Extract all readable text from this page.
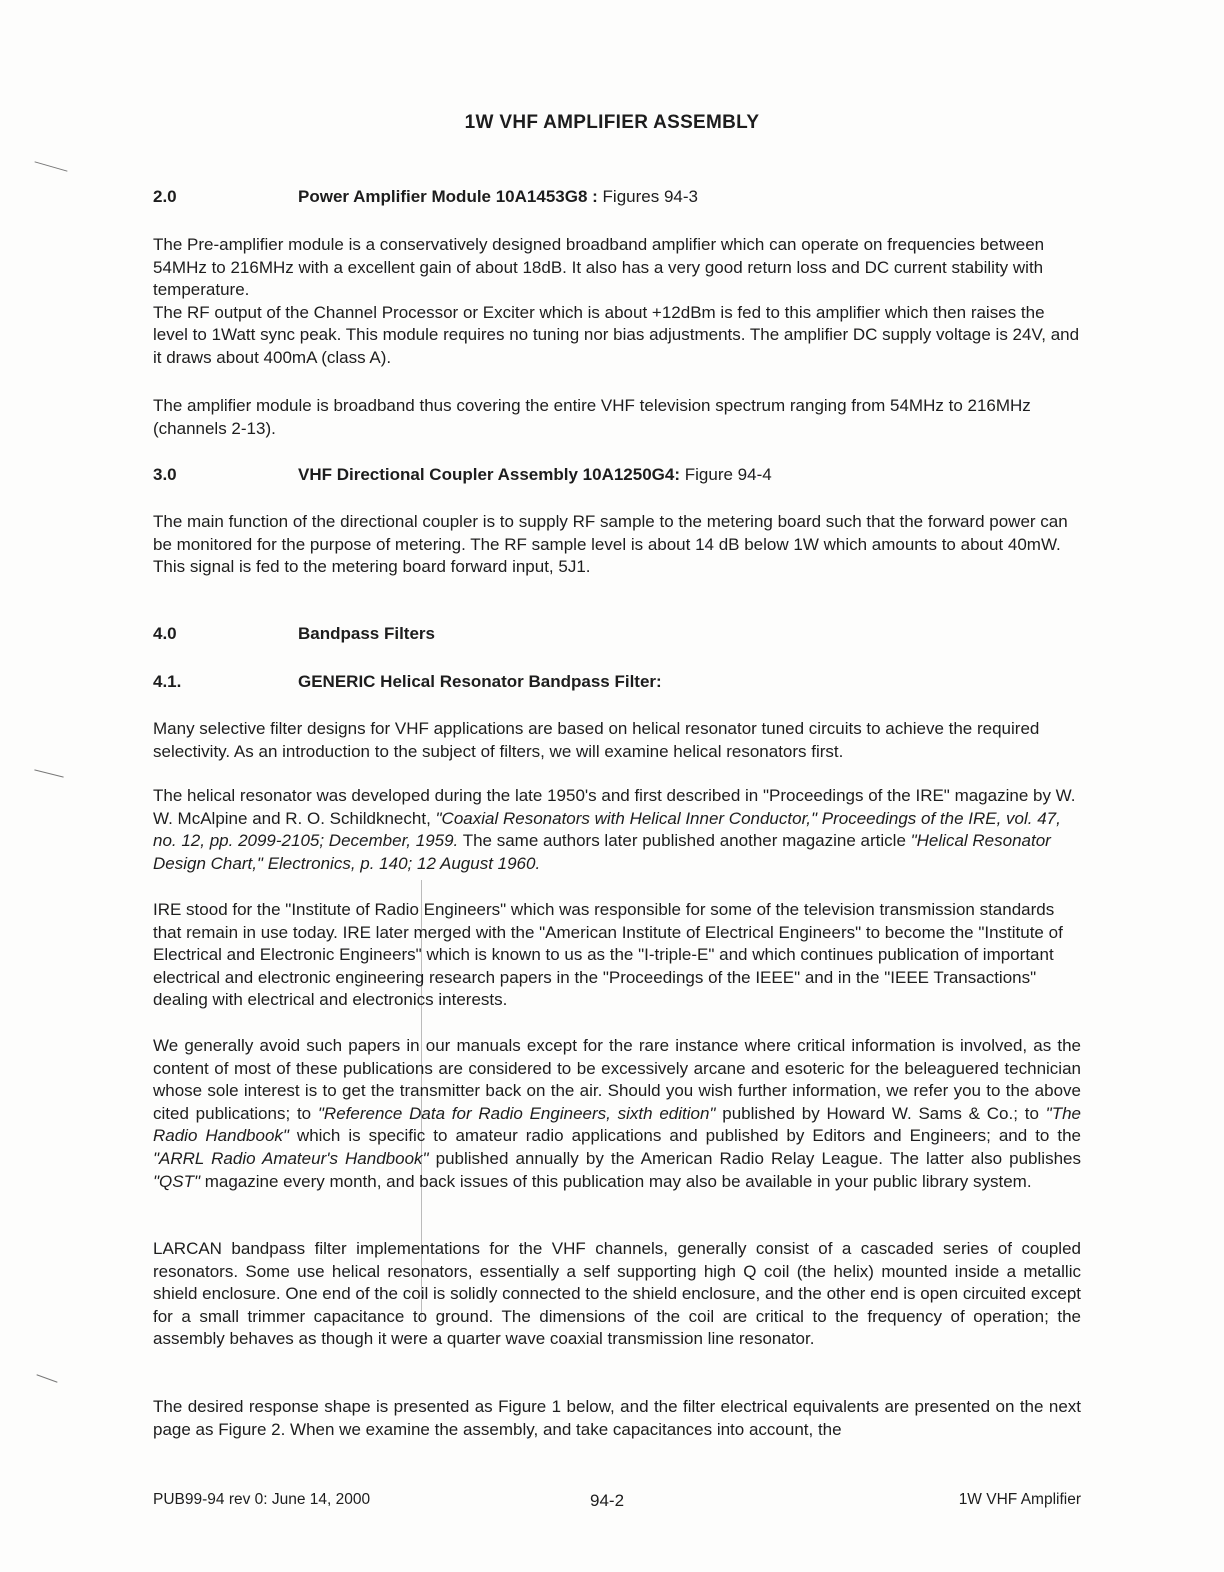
1W VHF AMPLIFIER ASSEMBLY
2.0	Power Amplifier Module 10A1453G8 : Figures 94-3

The Pre-amplifier module is a conservatively designed broadband amplifier which can operate on frequencies between 54MHz to 216MHz with a excellent gain of about 18dB. It also has a very good return loss and DC current stability with temperature.

The RF output of the Channel Processor or Exciter which is about +12dBm is fed to this amplifier which then raises the level to 1Watt sync peak. This module requires no tuning nor bias adjustments. The amplifier DC supply voltage is 24V, and it draws about 400mA (class A).

The amplifier module is broadband thus covering the entire VHF television spectrum ranging from 54MHz to 216MHz (channels 2-13).

3.0	VHF Directional Coupler Assembly 10A1250G4: Figure 94-4

The main function of the directional coupler is to supply RF sample to the metering board such that the forward power can be monitored for the purpose of metering. The RF sample level is about 14 dB below 1W which amounts to about 40mW. This signal is fed to the metering board forward input, 5J1.

4.0	Bandpass Filters
4.1.	GENERIC Helical Resonator Bandpass Filter:

Many selective filter designs for VHF applications are based on helical resonator tuned circuits to achieve the required selectivity. As an introduction to the subject of filters, we will examine helical resonators first.

The helical resonator was developed during the late 1950's and first described in "Proceedings of the IRE" magazine by W. W. McAlpine and R. O. Schildknecht, "Coaxial Resonators with Helical Inner Conductor," Proceedings of the IRE, vol. 47, no. 12, pp. 2099-2105; December, 1959. The same authors later published another magazine article "Helical Resonator Design Chart," Electronics, p. 140; 12 August 1960.

IRE stood for the "Institute of Radio Engineers" which was responsible for some of the television transmission standards that remain in use today. IRE later merged with the "American Institute of Electrical Engineers" to become the "Institute of Electrical and Electronic Engineers" which is known to us as the "I-triple-E" and which continues publication of important electrical and electronic engineering research papers in the "Proceedings of the IEEE" and in the "IEEE Transactions" dealing with electrical and electronics interests.

We generally avoid such papers in our manuals except for the rare instance where critical information is involved, as the content of most of these publications are considered to be excessively arcane and esoteric for the beleaguered technician whose sole interest is to get the transmitter back on the air. Should you wish further information, we refer you to the above cited publications; to "Reference Data for Radio Engineers, sixth edition" published by Howard W. Sams & Co.; to "The Radio Handbook" which is specific to amateur radio applications and published by Editors and Engineers; and to the "ARRL Radio Amateur's Handbook" published annually by the American Radio Relay League. The latter also publishes "QST" magazine every month, and back issues of this publication may also be available in your public library system.

LARCAN bandpass filter implementations for the VHF channels, generally consist of a cascaded series of coupled resonators. Some use helical resonators, essentially a self supporting high Q coil (the helix) mounted inside a metallic shield enclosure. One end of the coil is solidly connected to the shield enclosure, and the other end is open circuited except for a small trimmer capacitance to ground. The dimensions of the coil are critical to the frequency of operation; the assembly behaves as though it were a quarter wave coaxial transmission line resonator.

The desired response shape is presented as Figure 1 below, and the filter electrical equivalents are presented on the next page as Figure 2. When we examine the assembly, and take capacitances into account, the

PUB99-94 rev 0: June 14, 2000	94-2	1W VHF Amplifier
